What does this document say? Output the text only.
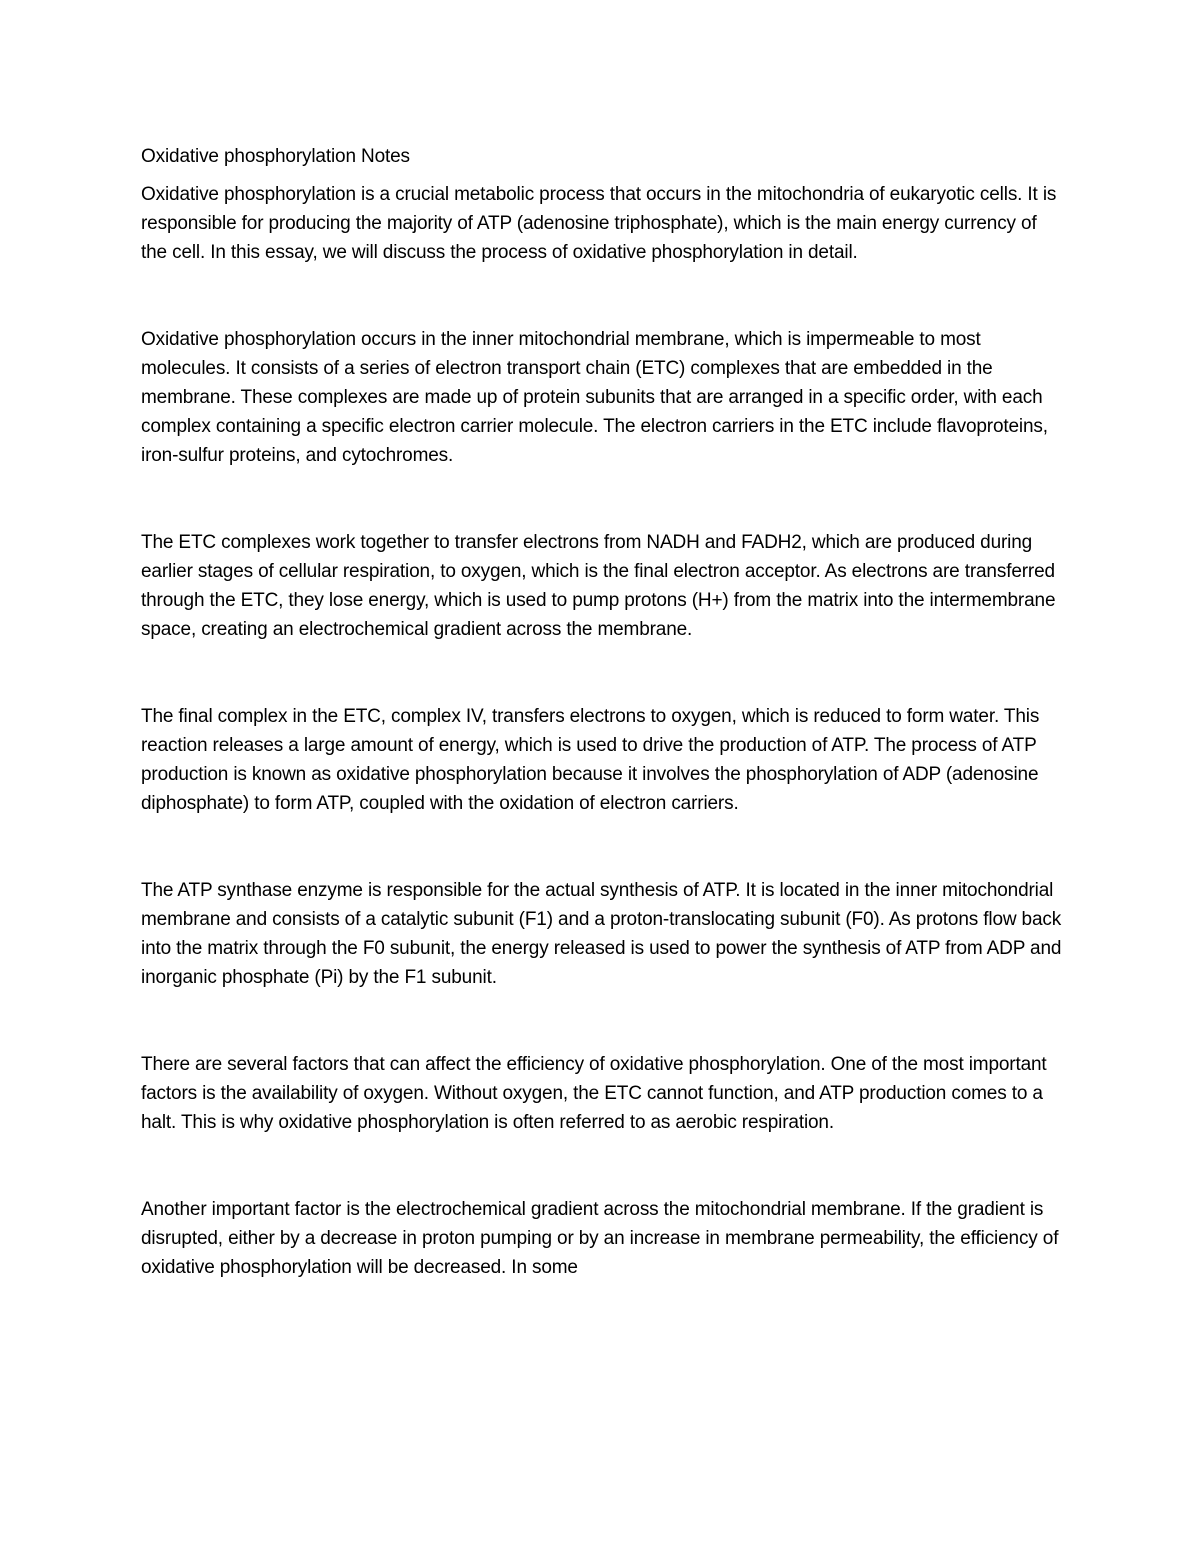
Oxidative phosphorylation Notes

Oxidative phosphorylation is a crucial metabolic process that occurs in the mitochondria of eukaryotic cells. It is responsible for producing the majority of ATP (adenosine triphosphate), which is the main energy currency of the cell. In this essay, we will discuss the process of oxidative phosphorylation in detail.

Oxidative phosphorylation occurs in the inner mitochondrial membrane, which is impermeable to most molecules. It consists of a series of electron transport chain (ETC) complexes that are embedded in the membrane. These complexes are made up of protein subunits that are arranged in a specific order, with each complex containing a specific electron carrier molecule. The electron carriers in the ETC include flavoproteins, iron-sulfur proteins, and cytochromes.

The ETC complexes work together to transfer electrons from NADH and FADH2, which are produced during earlier stages of cellular respiration, to oxygen, which is the final electron acceptor. As electrons are transferred through the ETC, they lose energy, which is used to pump protons (H+) from the matrix into the intermembrane space, creating an electrochemical gradient across the membrane.

The final complex in the ETC, complex IV, transfers electrons to oxygen, which is reduced to form water. This reaction releases a large amount of energy, which is used to drive the production of ATP. The process of ATP production is known as oxidative phosphorylation because it involves the phosphorylation of ADP (adenosine diphosphate) to form ATP, coupled with the oxidation of electron carriers.

The ATP synthase enzyme is responsible for the actual synthesis of ATP. It is located in the inner mitochondrial membrane and consists of a catalytic subunit (F1) and a proton-translocating subunit (F0). As protons flow back into the matrix through the F0 subunit, the energy released is used to power the synthesis of ATP from ADP and inorganic phosphate (Pi) by the F1 subunit.

There are several factors that can affect the efficiency of oxidative phosphorylation. One of the most important factors is the availability of oxygen. Without oxygen, the ETC cannot function, and ATP production comes to a halt. This is why oxidative phosphorylation is often referred to as aerobic respiration.

Another important factor is the electrochemical gradient across the mitochondrial membrane. If the gradient is disrupted, either by a decrease in proton pumping or by an increase in membrane permeability, the efficiency of oxidative phosphorylation will be decreased. In some
